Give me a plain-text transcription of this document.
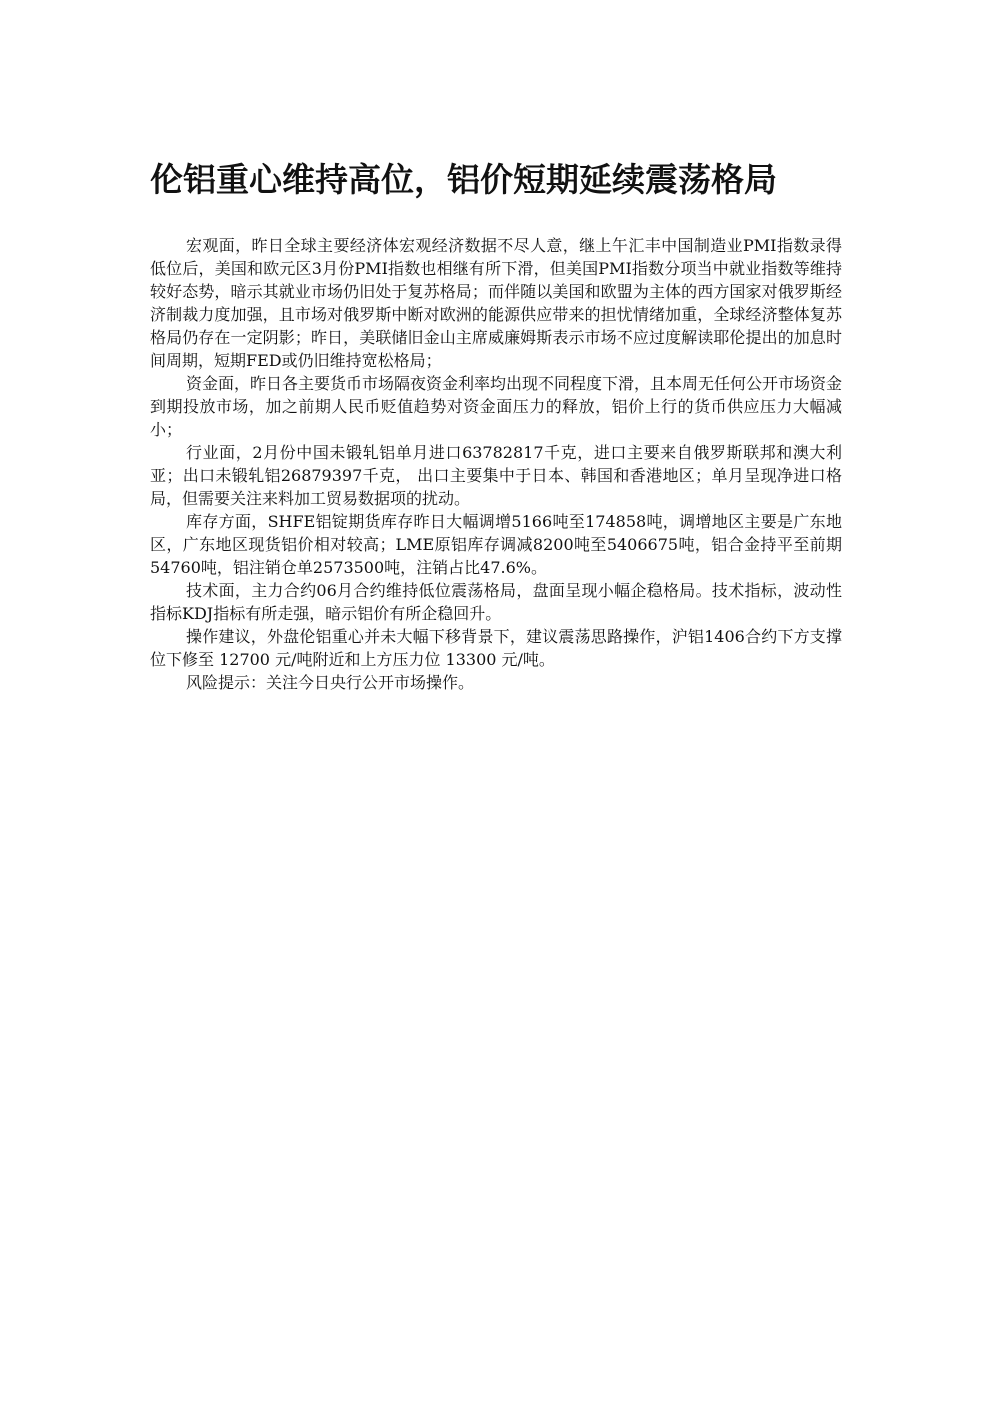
伦铝重心维持高位，铝价短期延续震荡格局

宏观面，昨日全球主要经济体宏观经济数据不尽人意，继上午汇丰中国制造业PMI指数录得低位后，美国和欧元区3月份PMI指数也相继有所下滑，但美国PMI指数分项当中就业指数等维持较好态势，暗示其就业市场仍旧处于复苏格局；而伴随以美国和欧盟为主体的西方国家对俄罗斯经济制裁力度加强，且市场对俄罗斯中断对欧洲的能源供应带来的担忧情绪加重，全球经济整体复苏格局仍存在一定阴影；昨日，美联储旧金山主席威廉姆斯表示市场不应过度解读耶伦提出的加息时间周期，短期FED或仍旧维持宽松格局；

资金面，昨日各主要货币市场隔夜资金利率均出现不同程度下滑，且本周无任何公开市场资金到期投放市场，加之前期人民币贬值趋势对资金面压力的释放，铝价上行的货币供应压力大幅减小；

行业面，2月份中国未锻轧铝单月进口63782817千克，进口主要来自俄罗斯联邦和澳大利亚；出口未锻轧铝26879397千克， 出口主要集中于日本、韩国和香港地区；单月呈现净进口格局，但需要关注来料加工贸易数据项的扰动。

库存方面，SHFE铝锭期货库存昨日大幅调增5166吨至174858吨，调增地区主要是广东地区，广东地区现货铝价相对较高；LME原铝库存调减8200吨至5406675吨，铝合金持平至前期54760吨，铝注销仓单2573500吨，注销占比47.6%。

技术面，主力合约06月合约维持低位震荡格局，盘面呈现小幅企稳格局。技术指标，波动性指标KDJ指标有所走强，暗示铝价有所企稳回升。

操作建议，外盘伦铝重心并未大幅下移背景下，建议震荡思路操作，沪铝1406合约下方支撑位下修至 12700 元/吨附近和上方压力位 13300 元/吨。

风险提示：关注今日央行公开市场操作。
